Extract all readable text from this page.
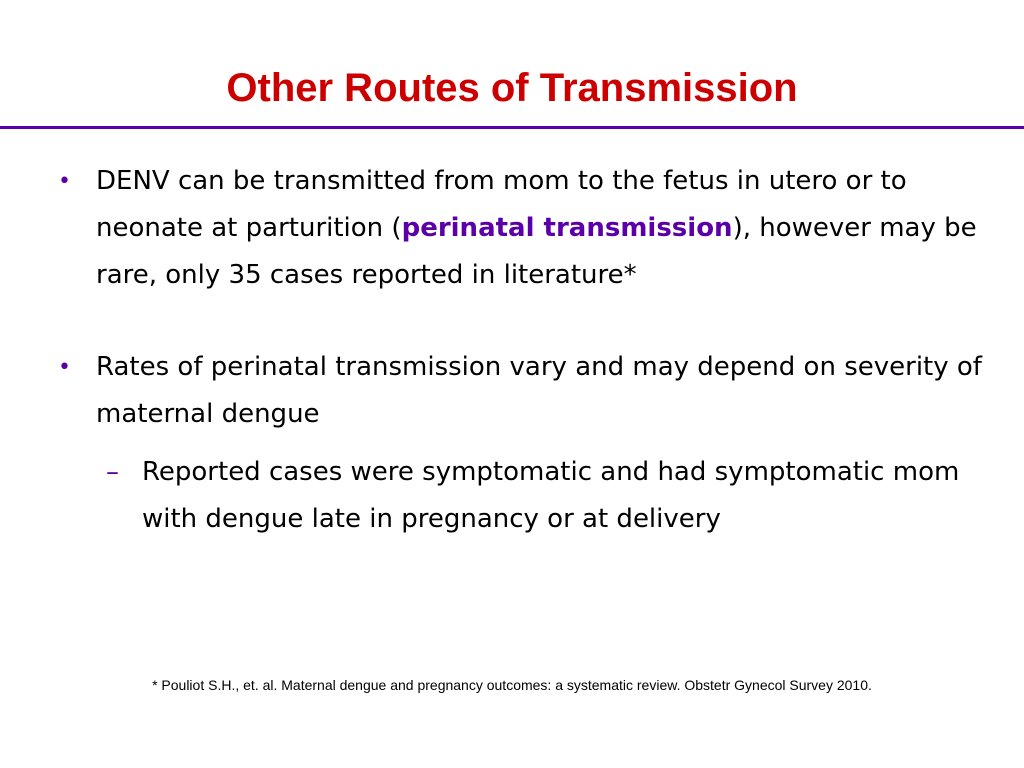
Other Routes of Transmission
• DENV can be transmitted from mom to the fetus in utero or to neonate at parturition (perinatal transmission), however may be rare, only 35 cases reported in literature*
• Rates of perinatal transmission vary and may depend on severity of maternal dengue
– Reported cases were symptomatic and had symptomatic mom with dengue late in pregnancy or at delivery
* Pouliot S.H., et. al. Maternal dengue and pregnancy outcomes: a systematic review. Obstetr Gynecol Survey 2010.
